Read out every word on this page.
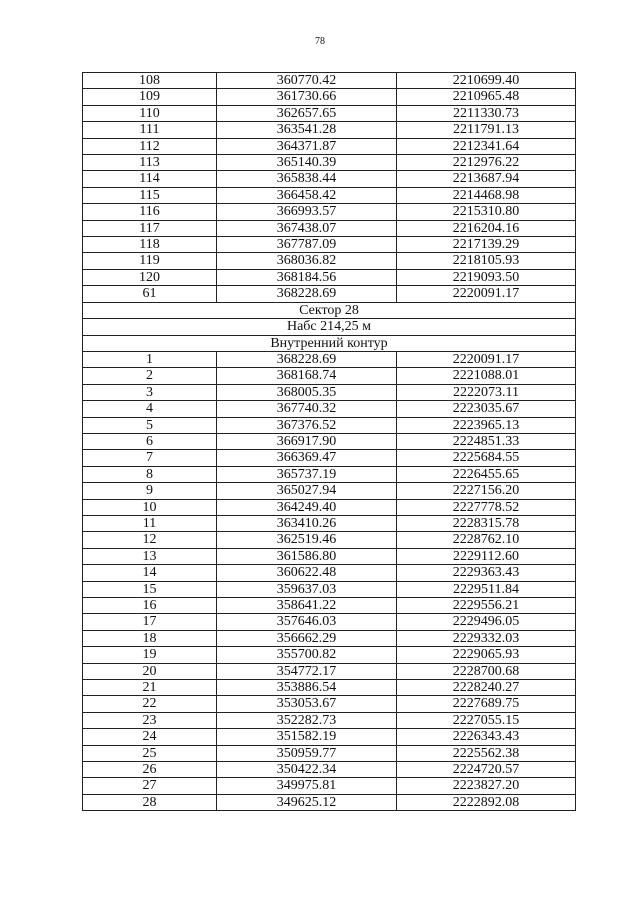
78
108	360770.42	2210699.40
109	361730.66	2210965.48
110	362657.65	2211330.73
111	363541.28	2211791.13
112	364371.87	2212341.64
113	365140.39	2212976.22
114	365838.44	2213687.94
115	366458.42	2214468.98
116	366993.57	2215310.80
117	367438.07	2216204.16
118	367787.09	2217139.29
119	368036.82	2218105.93
120	368184.56	2219093.50
61	368228.69	2220091.17
Сектор 28		
Набс 214,25 м		
Внутренний контур		
1	368228.69	2220091.17
2	368168.74	2221088.01
3	368005.35	2222073.11
4	367740.32	2223035.67
5	367376.52	2223965.13
6	366917.90	2224851.33
7	366369.47	2225684.55
8	365737.19	2226455.65
9	365027.94	2227156.20
10	364249.40	2227778.52
11	363410.26	2228315.78
12	362519.46	2228762.10
13	361586.80	2229112.60
14	360622.48	2229363.43
15	359637.03	2229511.84
16	358641.22	2229556.21
17	357646.03	2229496.05
18	356662.29	2229332.03
19	355700.82	2229065.93
20	354772.17	2228700.68
21	353886.54	2228240.27
22	353053.67	2227689.75
23	352282.73	2227055.15
24	351582.19	2226343.43
25	350959.77	2225562.38
26	350422.34	2224720.57
27	349975.81	2223827.20
28	349625.12	2222892.08
